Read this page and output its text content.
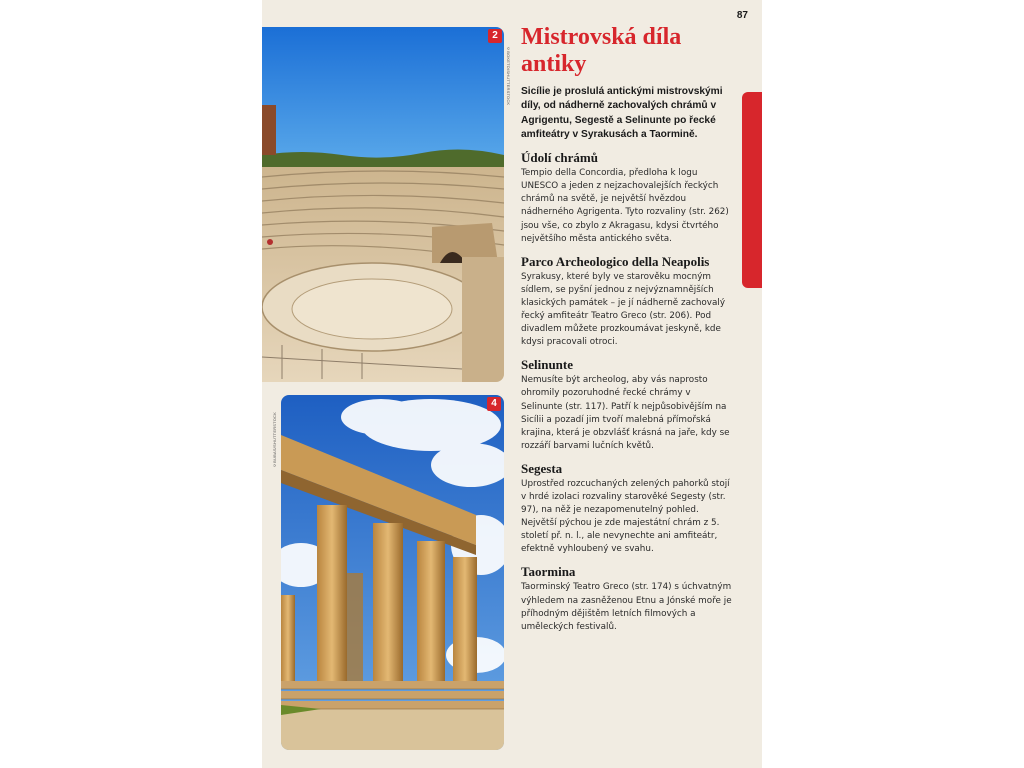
87
2
©BOKETO/SHUTTERSTOCK
4
©BUBAS/SHUTTERSTOCK
Mistrovská díla
antiky

Sicílie je proslulá antickými mistrovskými díly, od nádherně zachovalých chrámů v Agrigentu, Segestě a Selinunte po řecké amfiteátry v Syrakusách a Taormině.

Údolí chrámů

Tempio della Concordia, předloha k logu UNESCO a jeden z nejzachovalejších řeckých chrámů na světě, je největší hvězdou nádherného Agrigenta. Tyto rozvaliny (str. 262) jsou vše, co zbylo z Akragasu, kdysi čtvrtého největšího města antického světa.

Parco Archeologico della Neapolis

Syrakusy, které byly ve starověku mocným sídlem, se pyšní jednou z nejvýznamnějších klasických památek – je jí nádherně zachovalý řecký amfiteátr Teatro Greco (str. 206). Pod divadlem můžete prozkoumávat jeskyně, kde kdysi pracovali otroci.

Selinunte

Nemusíte být archeolog, aby vás naprosto ohromily pozoruhodné řecké chrámy v Selinunte (str. 117). Patří k nejpůsobivějším na Sicílii a pozadí jim tvoří malebná přímořská krajina, která je obzvlášť krásná na jaře, kdy se rozzáří barvami lučních květů.

Segesta

Uprostřed rozcuchaných zelených pahorků stojí v hrdé izolaci rozvaliny starověké Segesty (str. 97), na něž je nezapomenutelný pohled. Největší pýchou je zde majestátní chrám z 5. století př. n. l., ale nevynechte ani amfiteátr, efektně vyhloubený ve svahu.

Taormina

Taorminský Teatro Greco (str. 174) s úchvatným výhledem na zasněženou Etnu a Jónské moře je příhodným dějištěm letních filmových a uměleckých festivalů.
